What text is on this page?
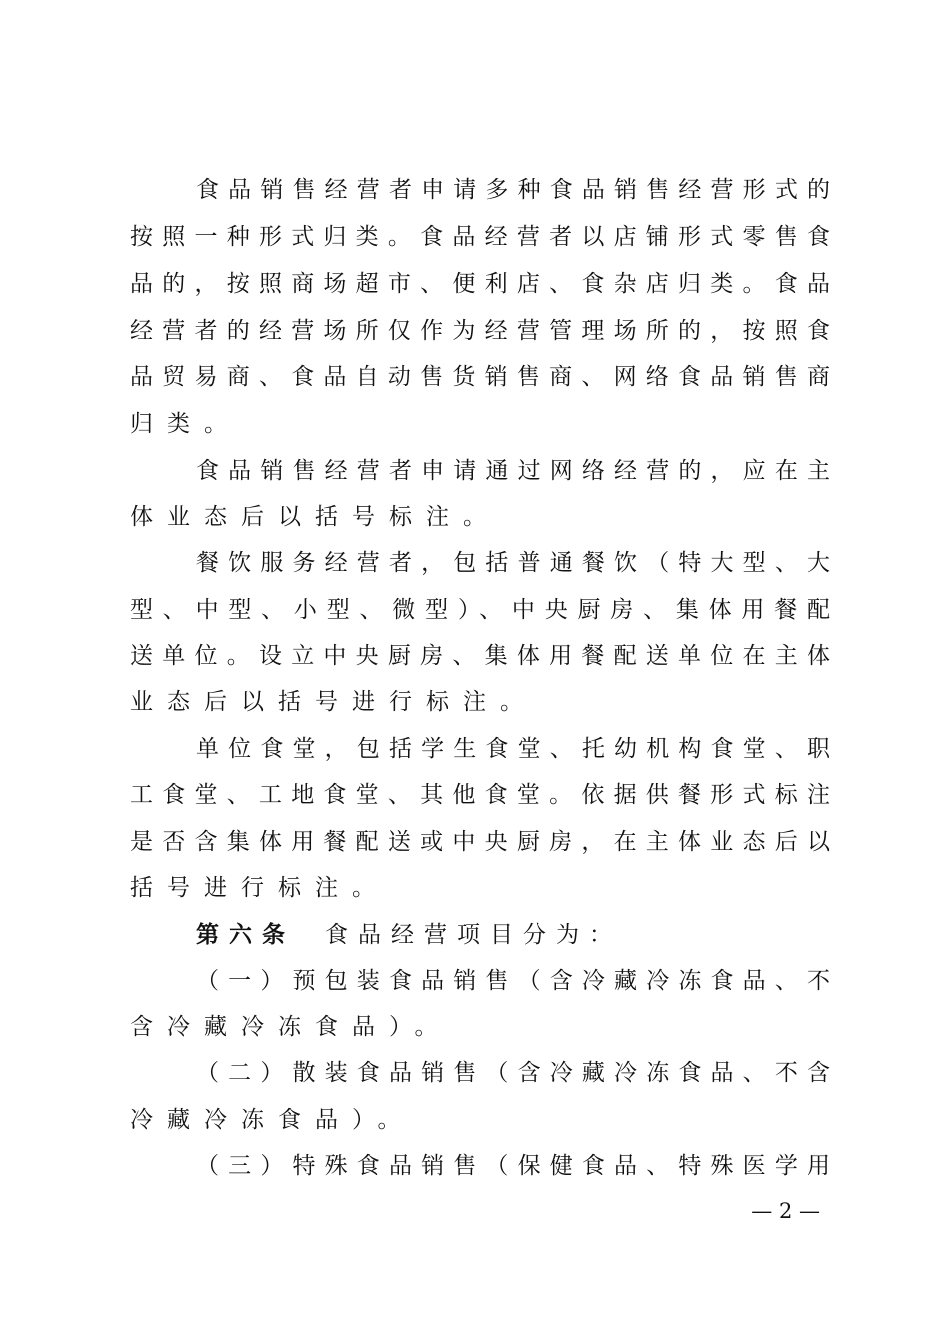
食品销售经营者申请多种食品销售经营形式的
按照一种形式归类。食品经营者以店铺形式零售食
品的，按照商场超市、便利店、食杂店归类。食品
经营者的经营场所仅作为经营管理场所的，按照食
品贸易商、食品自动售货销售商、网络食品销售商
归类。
食品销售经营者申请通过网络经营的，应在主
体业态后以括号标注。
餐饮服务经营者，包括普通餐饮（特大型、大
型、中型、小型、微型）、中央厨房、集体用餐配
送单位。设立中央厨房、集体用餐配送单位在主体
业态后以括号进行标注。
单位食堂，包括学生食堂、托幼机构食堂、职
工食堂、工地食堂、其他食堂。依据供餐形式标注
是否含集体用餐配送或中央厨房，在主体业态后以
括号进行标注。
第六条 食品经营项目分为：
（一）预包装食品销售（含冷藏冷冻食品、不
含冷藏冷冻食品）。
（二）散装食品销售（含冷藏冷冻食品、不含
冷藏冷冻食品）。
（三）特殊食品销售（保健食品、特殊医学用
— 2 —
